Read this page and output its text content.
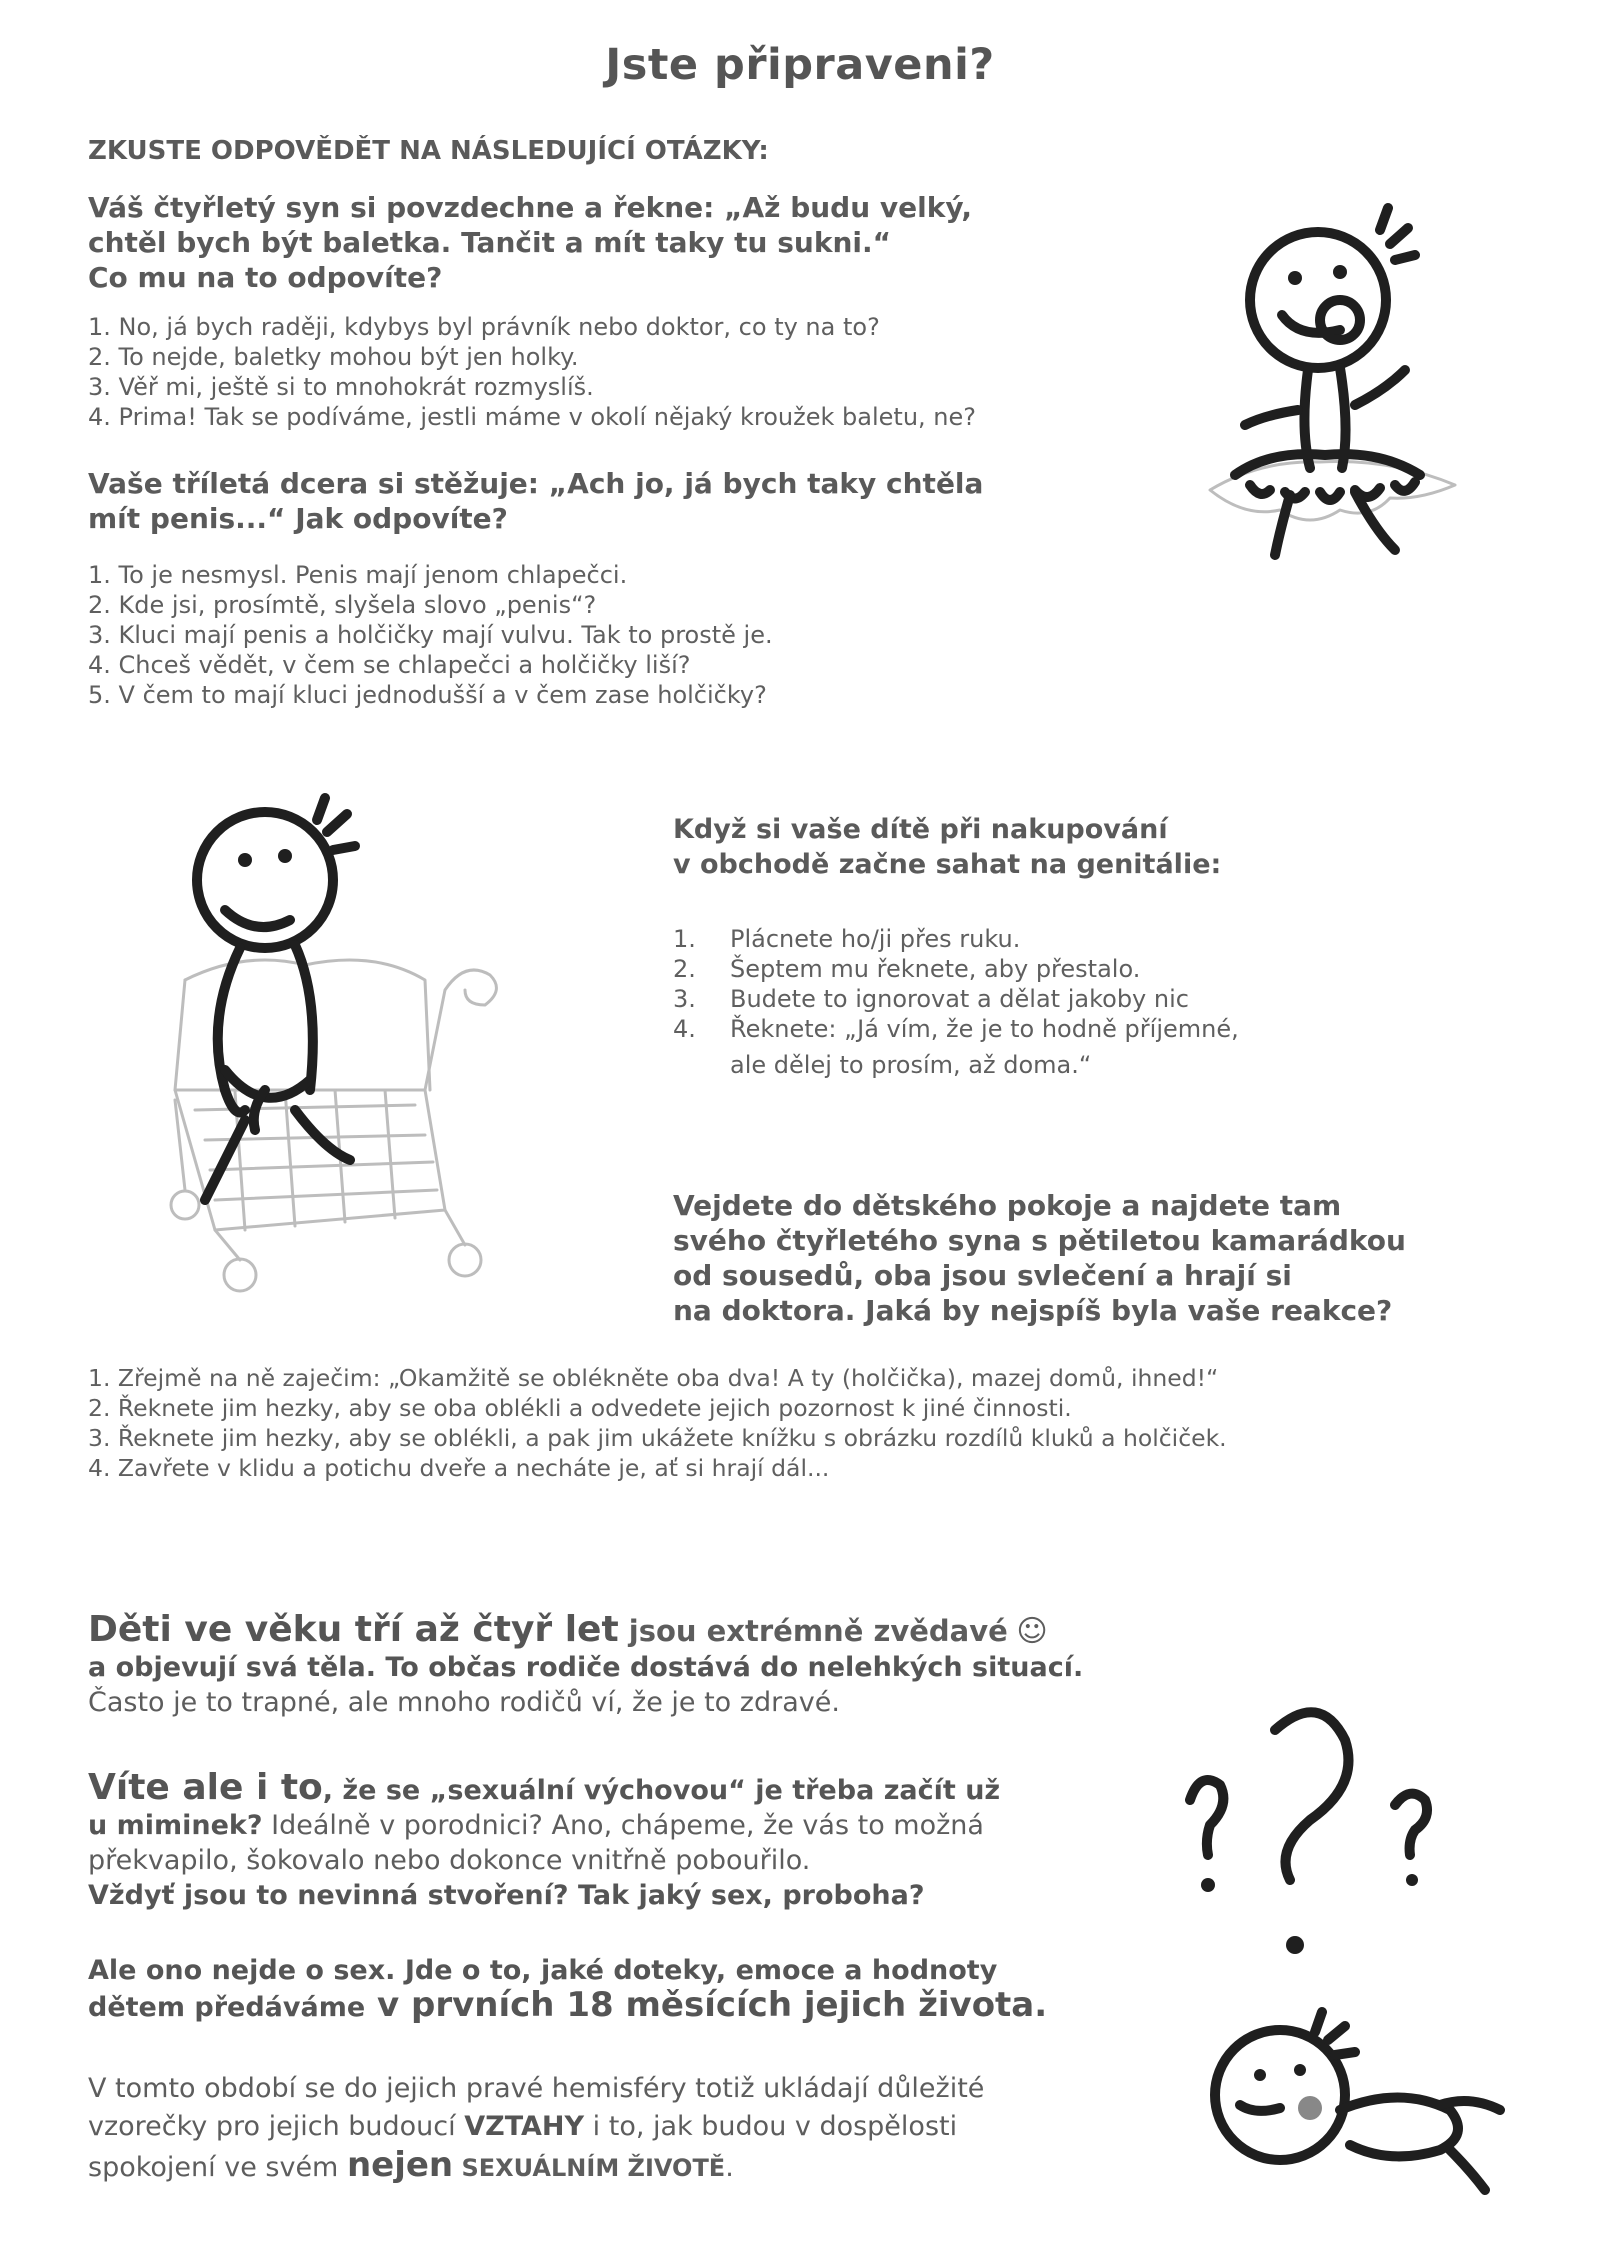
Jste připraveni?
ZKUSTE ODPOVĚDĚT NA NÁSLEDUJÍCÍ OTÁZKY:
Váš čtyřletý syn si povzdechne a řekne: „Až budu velký,
chtěl bych být baletka. Tančit a mít taky tu sukni.“
Co mu na to odpovíte?
1. No, já bych raději, kdybys byl právník nebo doktor, co ty na to?
2. To nejde, baletky mohou být jen holky.
3. Věř mi, ještě si to mnohokrát rozmyslíš.
4. Prima! Tak se podíváme, jestli máme v okolí nějaký kroužek baletu, ne?
Vaše tříletá dcera si stěžuje: „Ach jo, já bych taky chtěla
mít penis...“ Jak odpovíte?
1. To je nesmysl. Penis mají jenom chlapečci.
2. Kde jsi, prosímtě, slyšela slovo „penis“?
3. Kluci mají penis a holčičky mají vulvu. Tak to prostě je.
4. Chceš vědět, v čem se chlapečci a holčičky liší?
5. V čem to mají kluci jednodušší a v čem zase holčičky?
Když si vaše dítě při nakupování
v obchodě začne sahat na genitálie:
1.	Plácnete ho/ji přes ruku.
2.	Šeptem mu řeknete, aby přestalo.
3.	Budete to ignorovat a dělat jakoby nic
4.	Řeknete: „Já vím, že je to hodně příjemné,
ale dělej to prosím, až doma.“
Vejdete do dětského pokoje a najdete tam
svého čtyřletého syna s pětiletou kamarádkou
od sousedů, oba jsou svlečení a hrají si
na doktora. Jaká by nejspíš byla vaše reakce?
1. Zřejmě na ně zaječim: „Okamžitě se oblékněte oba dva! A ty (holčička), mazej domů, ihned!“
2. Řeknete jim hezky, aby se oba oblékli a odvedete jejich pozornost k jiné činnosti.
3. Řeknete jim hezky, aby se oblékli, a pak jim ukážete knížku s obrázku rozdílů kluků a holčiček.
4. Zavřete v klidu a potichu dveře a necháte je, ať si hrají dál...
Děti ve věku tří až čtyř let jsou extrémně zvědavé ☺
a objevují svá těla. To občas rodiče dostává do nelehkých situací.
Často je to trapné, ale mnoho rodičů ví, že je to zdravé.
Víte ale i to, že se „sexuální výchovou“ je třeba začít už
u miminek? Ideálně v porodnici? Ano, chápeme, že vás to možná
překvapilo, šokovalo nebo dokonce vnitřně pobouřilo.
Vždyť jsou to nevinná stvoření? Tak jaký sex, proboha?
Ale ono nejde o sex. Jde o to, jaké doteky, emoce a hodnoty
dětem předáváme v prvních 18 měsících jejich života.
V tomto období se do jejich pravé hemisféry totiž ukládají důležité
vzorečky pro jejich budoucí VZTAHY i to, jak budou v dospělosti
spokojení ve svém nejen SEXUÁLNÍM ŽIVOTĚ.
